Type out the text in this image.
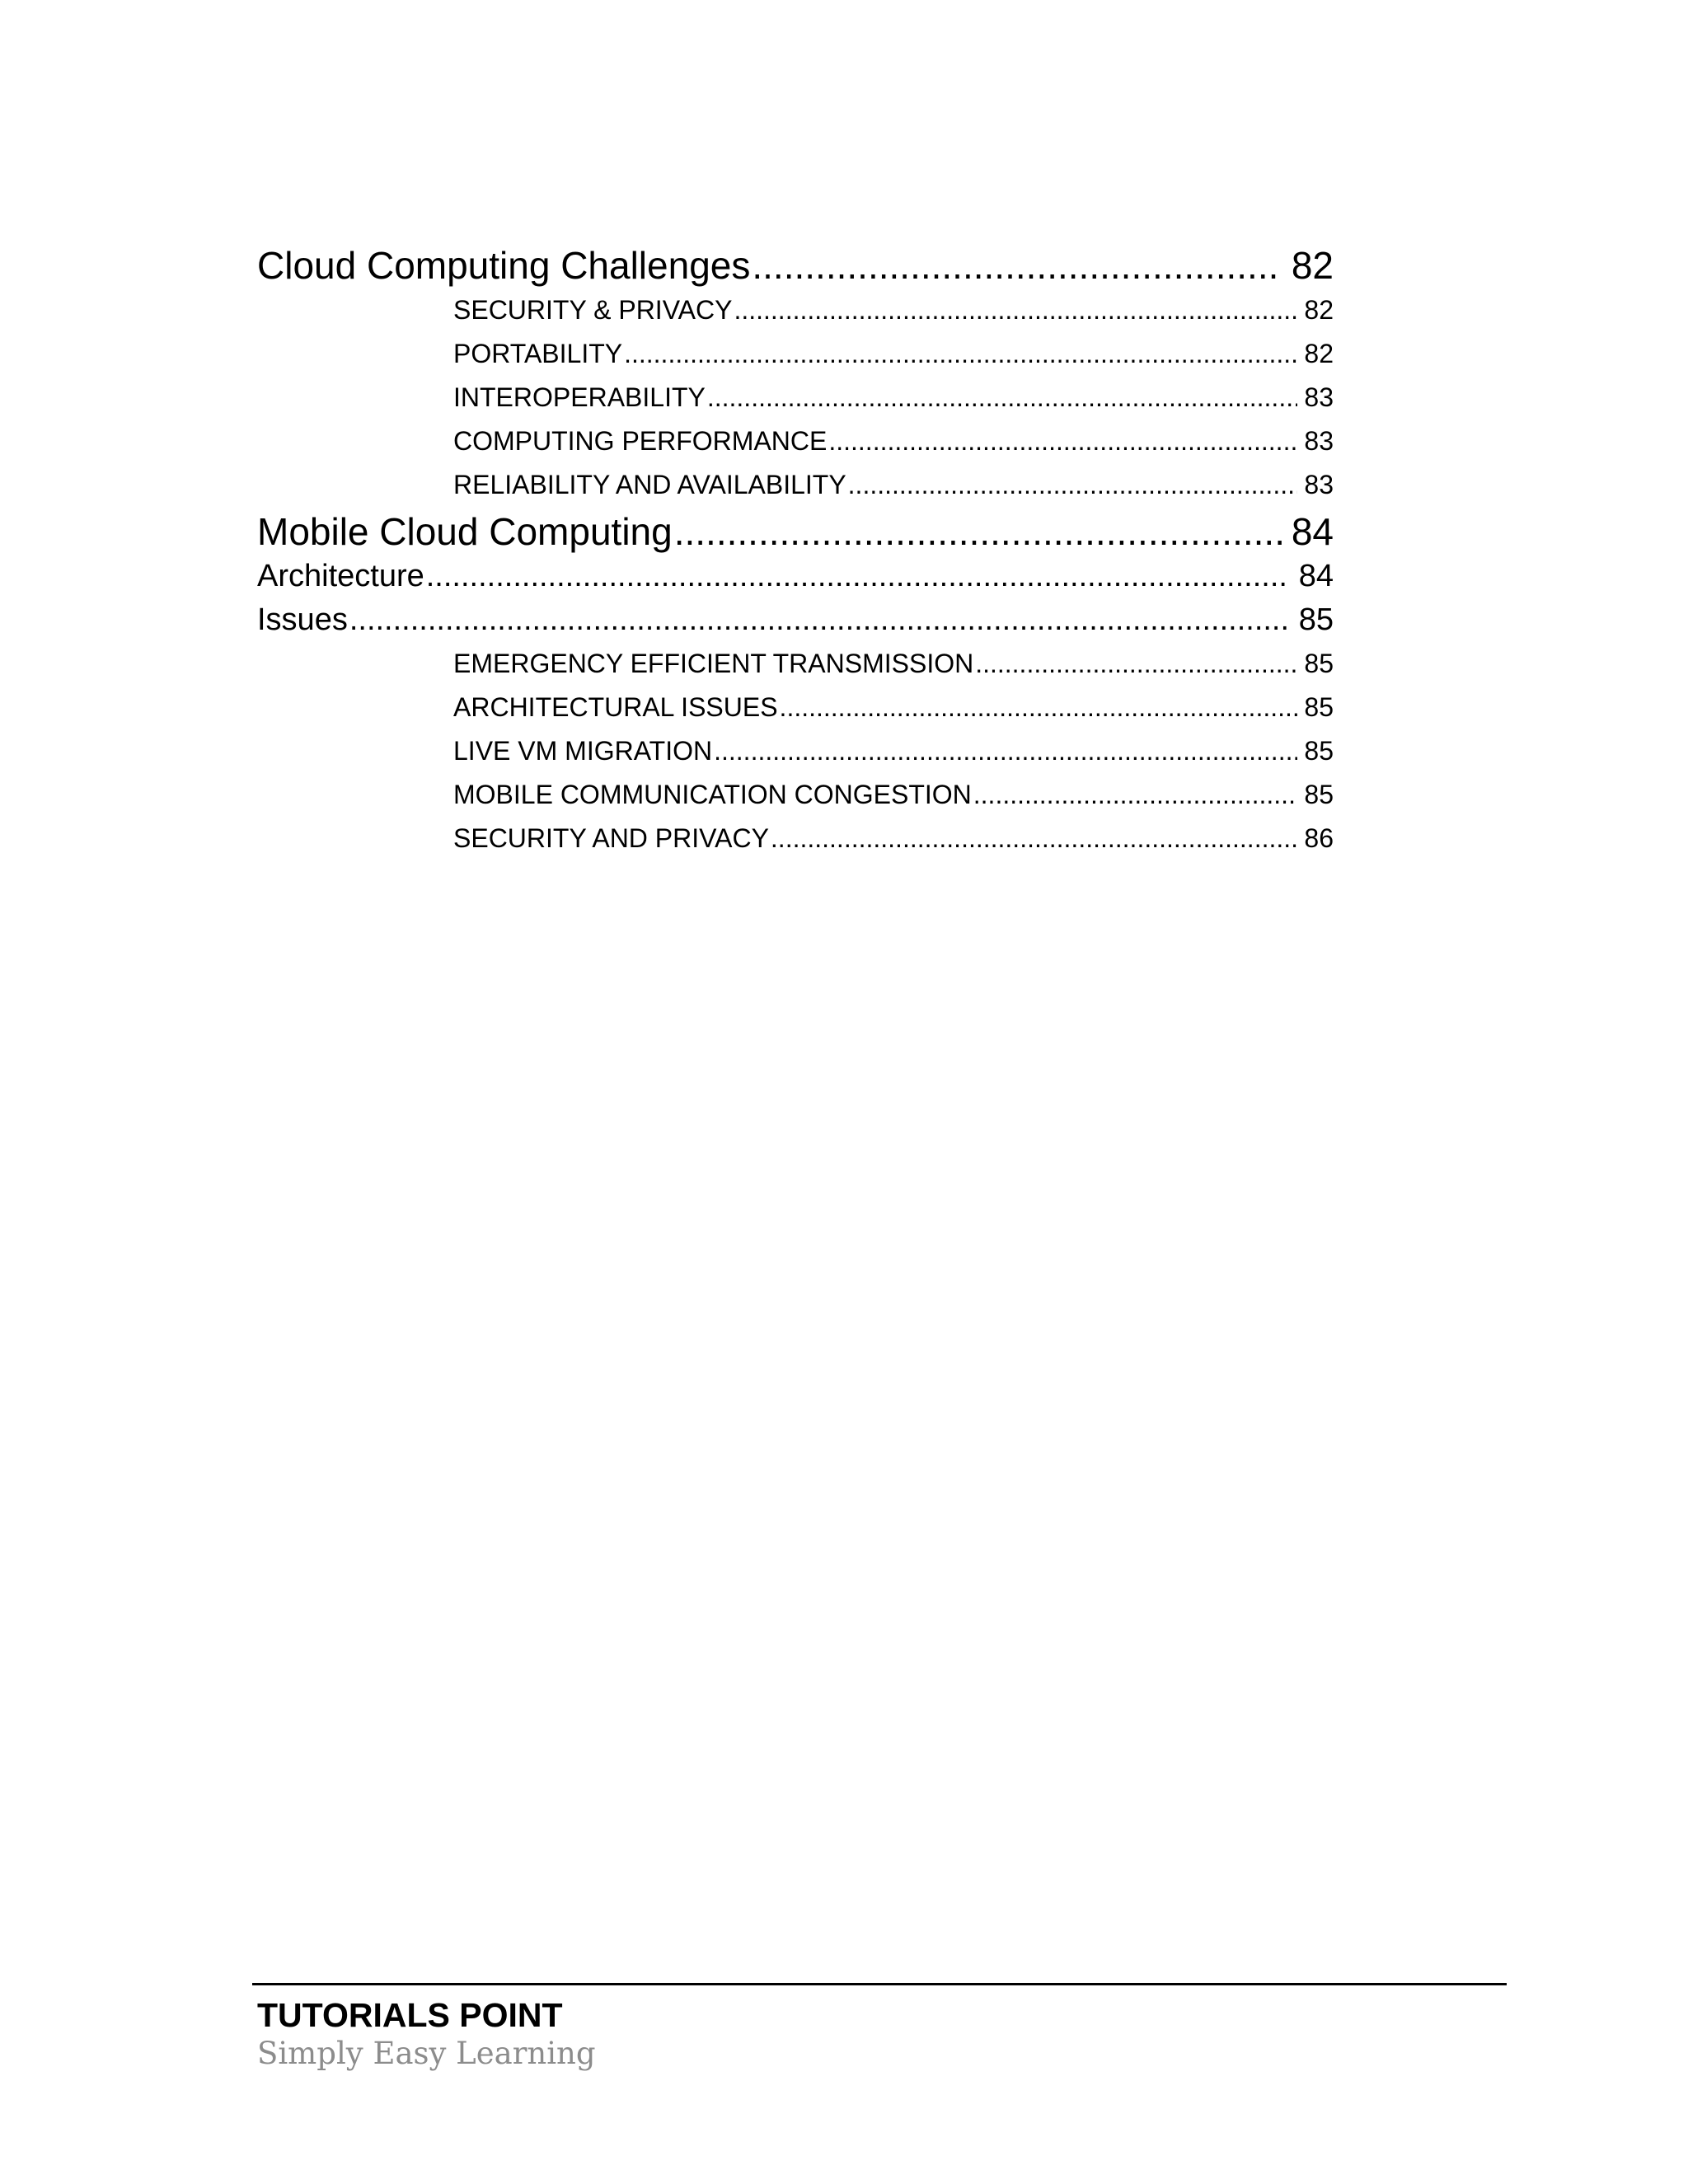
Cloud Computing Challenges .....	82
SECURITY & PRIVACY .....	82
PORTABILITY .....	82
INTEROPERABILITY .....	83
COMPUTING PERFORMANCE .....	83
RELIABILITY AND AVAILABILITY .....	83
Mobile Cloud Computing .....	84
Architecture .....	84
Issues .....	85
EMERGENCY EFFICIENT TRANSMISSION .....	85
ARCHITECTURAL ISSUES .....	85
LIVE VM MIGRATION .....	85
MOBILE COMMUNICATION CONGESTION .....	85
SECURITY AND PRIVACY .....	86
TUTORIALS POINT
Simply Easy Learning
